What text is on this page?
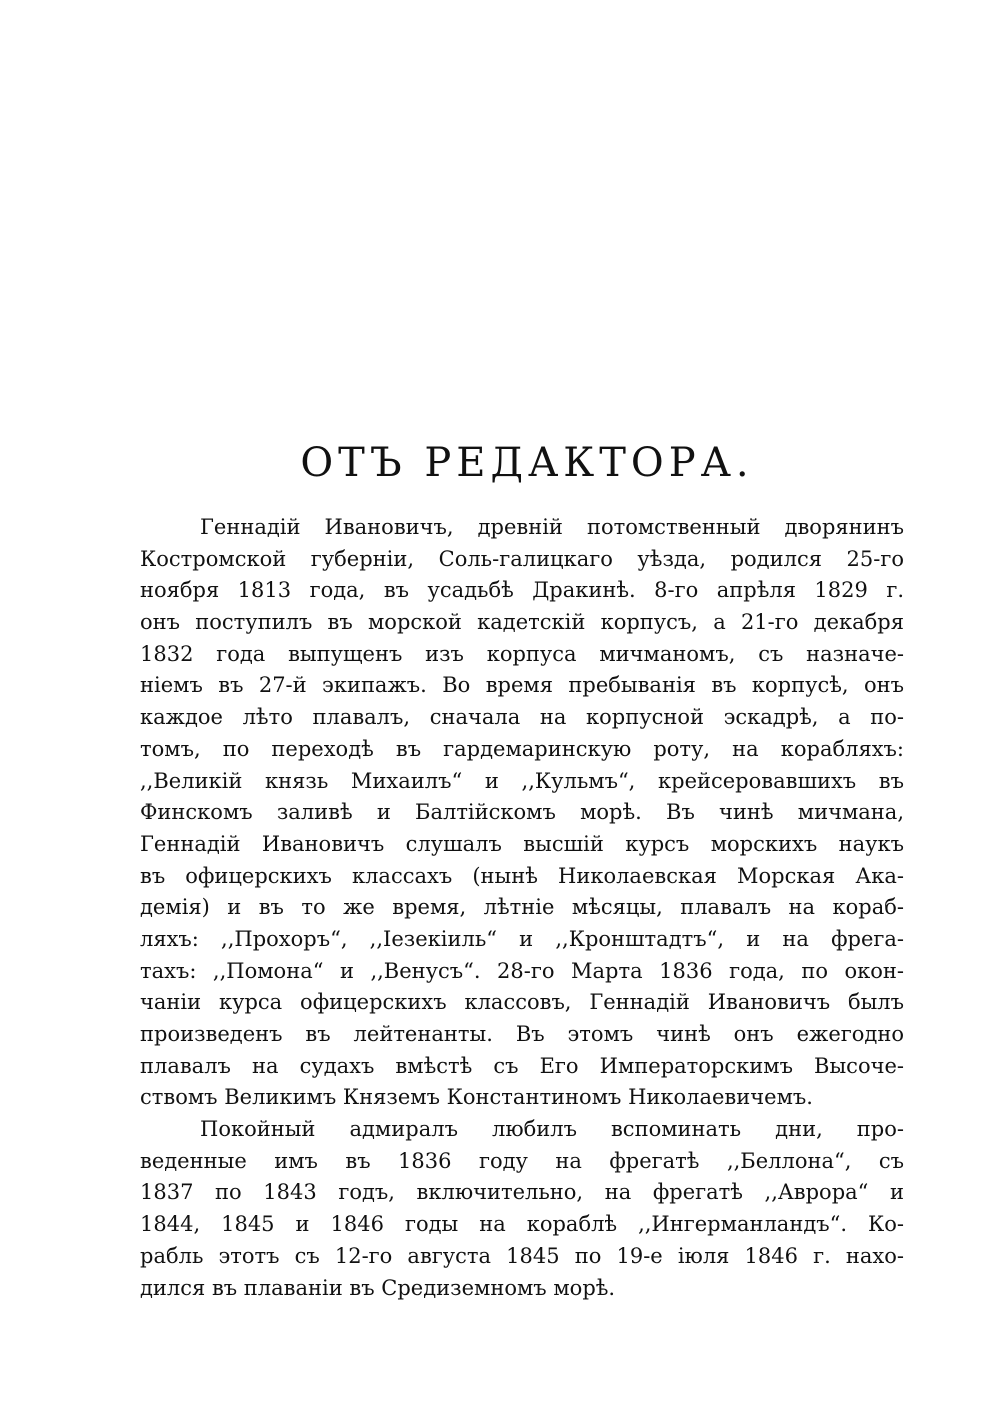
ОТЪ РЕДАКТОРА.
Геннадій Ивановичъ, древній потомственный дворянинъ
Костромской губерніи, Соль-галицкаго уѣзда, родился 25-го
ноября 1813 года, въ усадьбѣ Дракинѣ. 8-го апрѣля 1829 г.
онъ поступилъ въ морской кадетскій корпусъ, а 21-го декабря
1832 года выпущенъ изъ корпуса мичманомъ, съ назначе-
ніемъ въ 27-й экипажъ. Во время пребыванія въ корпусѣ, онъ
каждое лѣто плавалъ, сначала на корпусной эскадрѣ, а по-
томъ, по переходѣ въ гардемаринскую роту, на корабляхъ:
,,Великій князь Михаилъ“ и ,,Кульмъ“, крейсеровавшихъ въ
Финскомъ заливѣ и Балтійскомъ морѣ. Въ чинѣ мичмана,
Геннадій Ивановичъ слушалъ высшій курсъ морскихъ наукъ
въ офицерскихъ классахъ (нынѣ Николаевская Морская Ака-
демія) и въ то же время, лѣтніе мѣсяцы, плавалъ на кораб-
ляхъ: ,,Прохоръ“, ,,Іезекіиль“ и ,,Кронштадтъ“, и на фрега-
тахъ: ,,Помона“ и ,,Венусъ“. 28-го Марта 1836 года, по окон-
чаніи курса офицерскихъ классовъ, Геннадій Ивановичъ былъ
произведенъ въ лейтенанты. Въ этомъ чинѣ онъ ежегодно
плавалъ на судахъ вмѣстѣ съ Его Императорскимъ Высоче-
ствомъ Великимъ Княземъ Константиномъ Николаевичемъ.
Покойный адмиралъ любилъ вспоминать дни, про-
веденные имъ въ 1836 году на фрегатѣ ,,Беллона“, съ
1837 по 1843 годъ, включительно, на фрегатѣ ,,Аврора“ и
1844, 1845 и 1846 годы на кораблѣ ,,Ингерманландъ“. Ко-
рабль этотъ съ 12-го августа 1845 по 19-е іюля 1846 г. нахо-
дился въ плаваніи въ Средиземномъ морѣ.
